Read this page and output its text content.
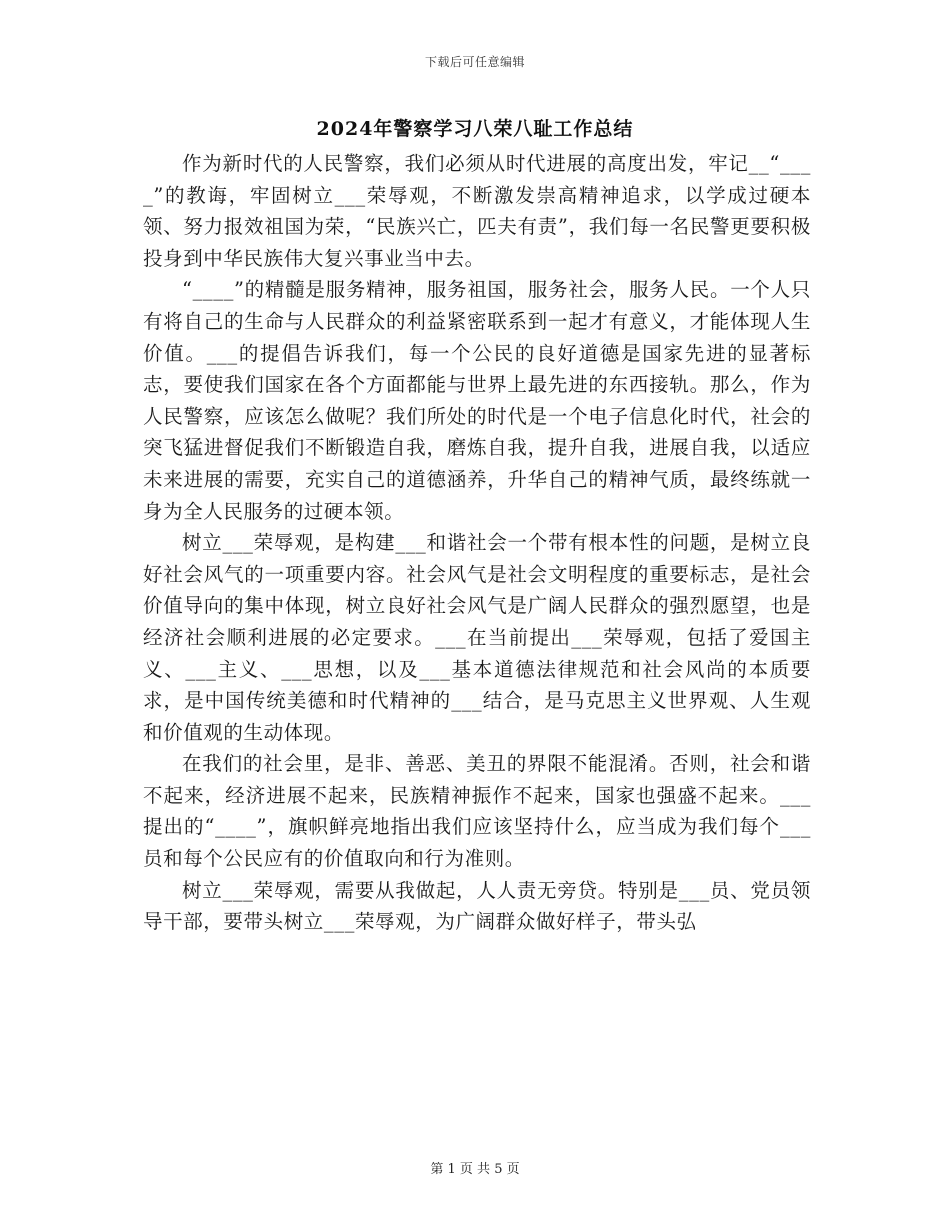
下载后可任意编辑
2024年警察学习八荣八耻工作总结

作为新时代的人民警察，我们必须从时代进展的高度出发，牢记__“____”的教诲，牢固树立___荣辱观，不断激发崇高精神追求，以学成过硬本领、努力报效祖国为荣，“民族兴亡，匹夫有责”，我们每一名民警更要积极投身到中华民族伟大复兴事业当中去。

“____”的精髓是服务精神，服务祖国，服务社会，服务人民。一个人只有将自己的生命与人民群众的利益紧密联系到一起才有意义，才能体现人生价值。___的提倡告诉我们，每一个公民的良好道德是国家先进的显著标志，要使我们国家在各个方面都能与世界上最先进的东西接轨。那么，作为人民警察，应该怎么做呢？我们所处的时代是一个电子信息化时代，社会的突飞猛进督促我们不断锻造自我，磨炼自我，提升自我，进展自我，以适应未来进展的需要，充实自己的道德涵养，升华自己的精神气质，最终练就一身为全人民服务的过硬本领。

树立___荣辱观，是构建___和谐社会一个带有根本性的问题，是树立良好社会风气的一项重要内容。社会风气是社会文明程度的重要标志，是社会价值导向的集中体现，树立良好社会风气是广阔人民群众的强烈愿望，也是经济社会顺利进展的必定要求。___在当前提出___荣辱观，包括了爱国主义、___主义、___思想，以及___基本道德法律规范和社会风尚的本质要求，是中国传统美德和时代精神的___结合，是马克思主义世界观、人生观和价值观的生动体现。

在我们的社会里，是非、善恶、美丑的界限不能混淆。否则，社会和谐不起来，经济进展不起来，民族精神振作不起来，国家也强盛不起来。___提出的“____”，旗帜鲜亮地指出我们应该坚持什么，应当成为我们每个___员和每个公民应有的价值取向和行为准则。

树立___荣辱观，需要从我做起，人人责无旁贷。特别是___员、党员领导干部，要带头树立___荣辱观，为广阔群众做好样子，带头弘

第 1 页 共 5 页
